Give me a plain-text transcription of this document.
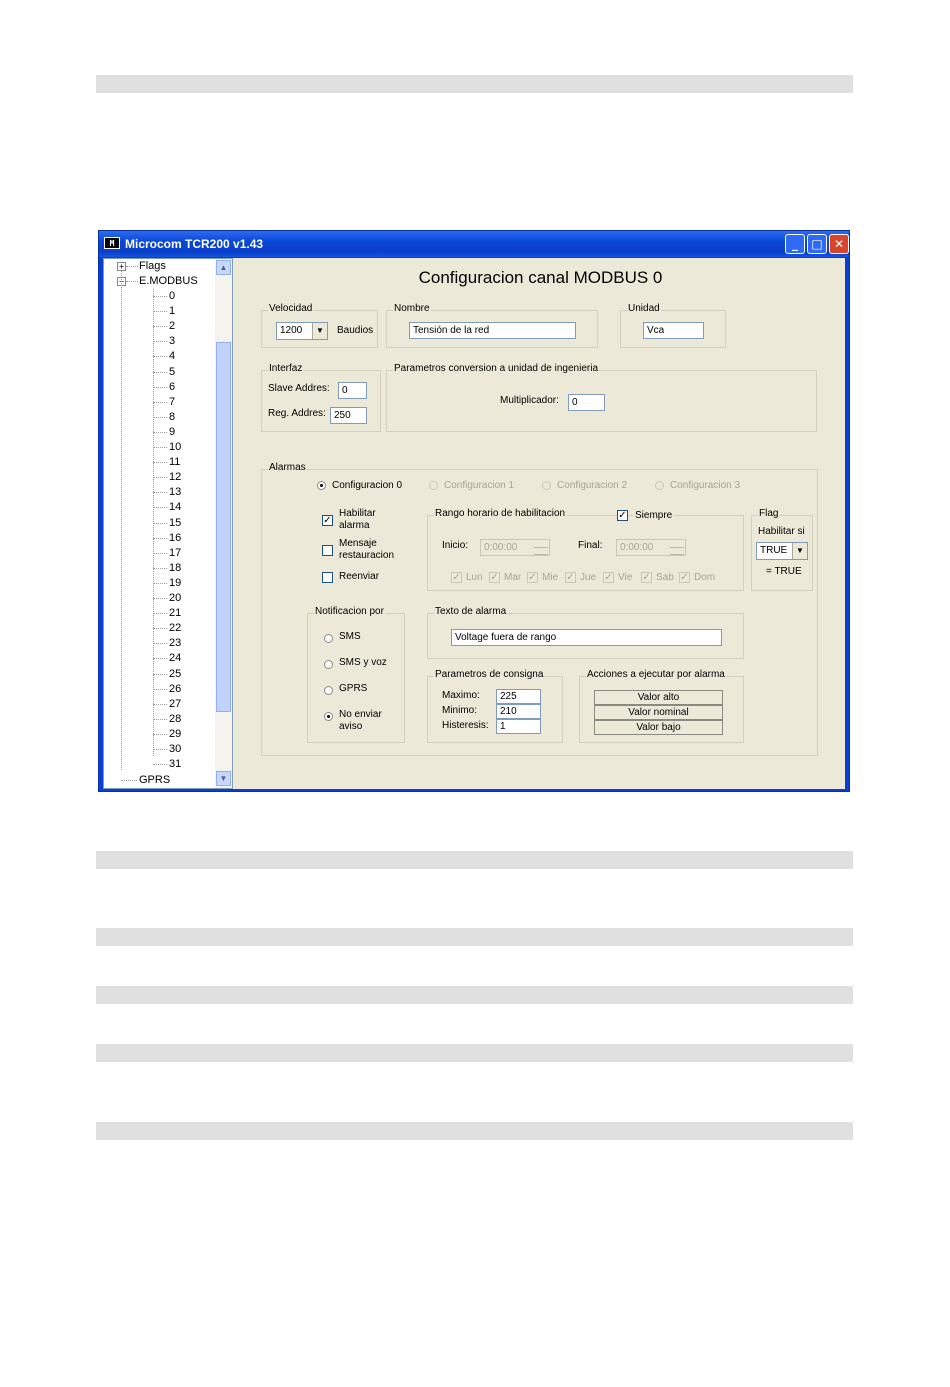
M Microcom TCR200 v1.43	_	□ ✕
+ Flags
− E.MODBUS
0
1
2
3
4
5
6
7
8
9
10
11
12
13
14
15
16
17
18
19
20
21
22
23
24
25
26
27
28
29
30
31
GPRS
▲
▼
Configuracion canal MODBUS 0
Velocidad
1200	▼	Baudios
Nombre
Tensión de la red
Unidad
Vca
Interfaz
Slave Addres:	0
Reg. Addres: 250
Parametros conversion a unidad de ingenieria
Multiplicador:	0
Alarmas
Configuracion 0	Configuracion 1	Configuracion 2	Configuracion 3
✓
Habilitar
alarma
Mensaje
restauracion
Reenviar
Rango horario de habilitacion	✓ Siempre
Inicio:	0:00:00	Final:	0:00:00
✓ Lun ✓ Mar ✓ Mie ✓ Jue ✓ Vie ✓ Sab ✓ Dom
Flag
Habilitar si
TRUE	▼
= TRUE
Notificacion por
SMS
SMS y voz
GPRS
No enviar
aviso
Texto de alarma
Voltage fuera de rango
Parametros de consigna
Maximo:	225
Minimo:	210
Histeresis:	1
Acciones a ejecutar por alarma
Valor alto
Valor nominal
Valor bajo
